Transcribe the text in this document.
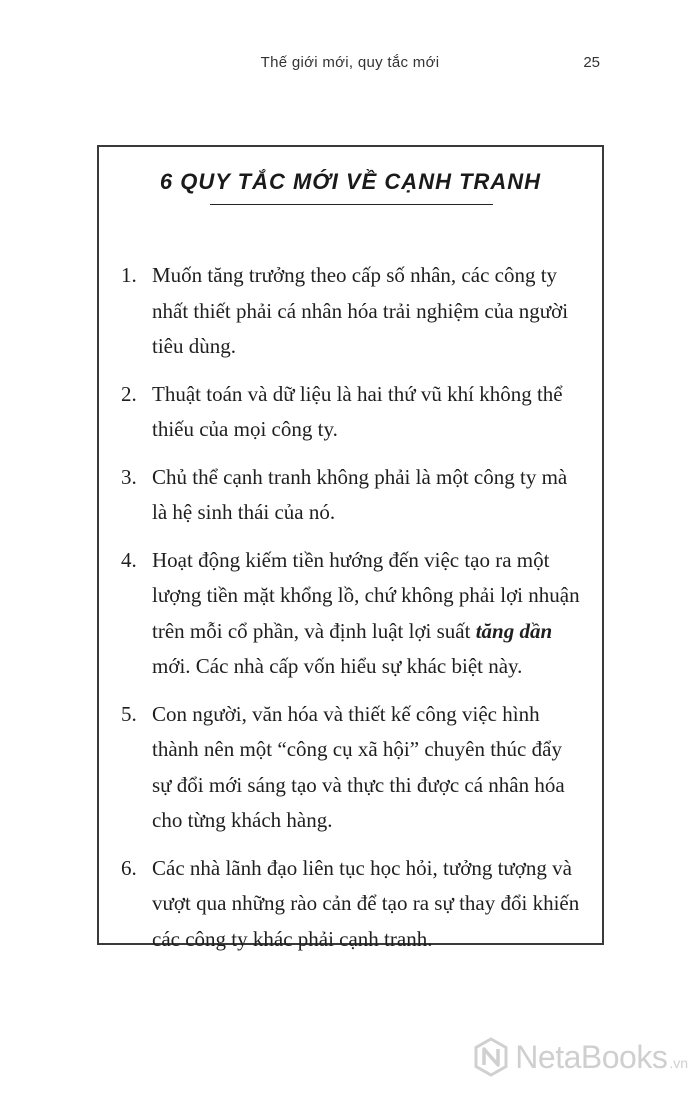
Thế giới mới, quy tắc mới	25
6 QUY TẮC MỚI VỀ CẠNH TRANH
1. Muốn tăng trưởng theo cấp số nhân, các công ty nhất thiết phải cá nhân hóa trải nghiệm của người tiêu dùng.
2. Thuật toán và dữ liệu là hai thứ vũ khí không thể thiếu của mọi công ty.
3. Chủ thể cạnh tranh không phải là một công ty mà là hệ sinh thái của nó.
4. Hoạt động kiếm tiền hướng đến việc tạo ra một lượng tiền mặt khổng lồ, chứ không phải lợi nhuận trên mỗi cổ phần, và định luật lợi suất tăng dần mới. Các nhà cấp vốn hiểu sự khác biệt này.
5. Con người, văn hóa và thiết kế công việc hình thành nên một “công cụ xã hội” chuyên thúc đẩy sự đổi mới sáng tạo và thực thi được cá nhân hóa cho từng khách hàng.
6. Các nhà lãnh đạo liên tục học hỏi, tưởng tượng và vượt qua những rào cản để tạo ra sự thay đổi khiến các công ty khác phải cạnh tranh.
NetaBooks .vn
